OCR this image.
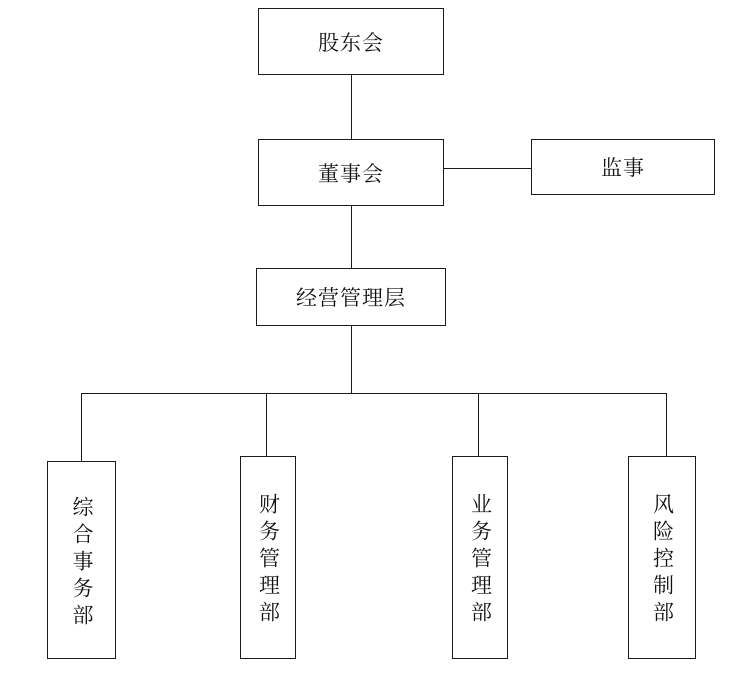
股东会
董事会	监事
经营管理层
综合事务部	财务管理部	业务管理部	风险控制部
